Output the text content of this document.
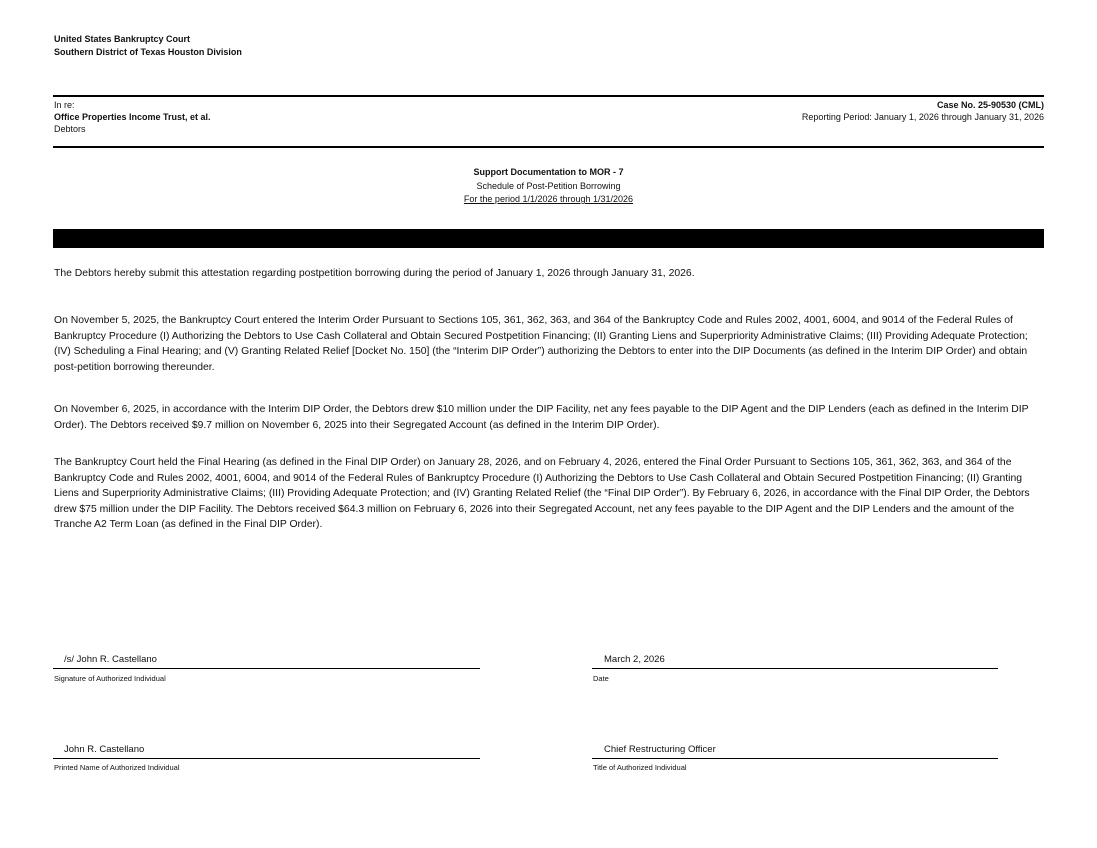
United States Bankruptcy Court
Southern District of Texas Houston Division
In re:
Office Properties Income Trust, et al.
Debtors
Case No. 25-90530 (CML)
Reporting Period: January 1, 2026 through January 31, 2026
Support Documentation to MOR - 7
Schedule of Post-Petition Borrowing
For the period 1/1/2026 through 1/31/2026

The Debtors hereby submit this attestation regarding postpetition borrowing during the period of January 1, 2026 through January 31, 2026.

On November 5, 2025, the Bankruptcy Court entered the Interim Order Pursuant to Sections 105, 361, 362, 363, and 364 of the Bankruptcy Code and Rules 2002, 4001, 6004, and 9014 of the Federal Rules of Bankruptcy Procedure (I) Authorizing the Debtors to Use Cash Collateral and Obtain Secured Postpetition Financing; (II) Granting Liens and Superpriority Administrative Claims; (III) Providing Adequate Protection; (IV) Scheduling a Final Hearing; and (V) Granting Related Relief [Docket No. 150] (the “Interim DIP Order”) authorizing the Debtors to enter into the DIP Documents (as defined in the Interim DIP Order) and obtain post-petition borrowing thereunder.

On November 6, 2025, in accordance with the Interim DIP Order, the Debtors drew $10 million under the DIP Facility, net any fees payable to the DIP Agent and the DIP Lenders (each as defined in the Interim DIP Order). The Debtors received $9.7 million on November 6, 2025 into their Segregated Account (as defined in the Interim DIP Order).

The Bankruptcy Court held the Final Hearing (as defined in the Final DIP Order) on January 28, 2026, and on February 4, 2026, entered the Final Order Pursuant to Sections 105, 361, 362, 363, and 364 of the Bankruptcy Code and Rules 2002, 4001, 6004, and 9014 of the Federal Rules of Bankruptcy Procedure (I) Authorizing the Debtors to Use Cash Collateral and Obtain Secured Postpetition Financing; (II) Granting Liens and Superpriority Administrative Claims; (III) Providing Adequate Protection; and (IV) Granting Related Relief (the “Final DIP Order”). By February 6, 2026, in accordance with the Final DIP Order, the Debtors drew $75 million under the DIP Facility. The Debtors received $64.3 million on February 6, 2026 into their Segregated Account, net any fees payable to the DIP Agent and the DIP Lenders and the amount of the Tranche A2 Term Loan (as defined in the Final DIP Order).

/s/ John R. Castellano
Signature of Authorized Individual
March 2, 2026
Date
John R. Castellano
Printed Name of Authorized Individual
Chief Restructuring Officer
Title of Authorized Individual
